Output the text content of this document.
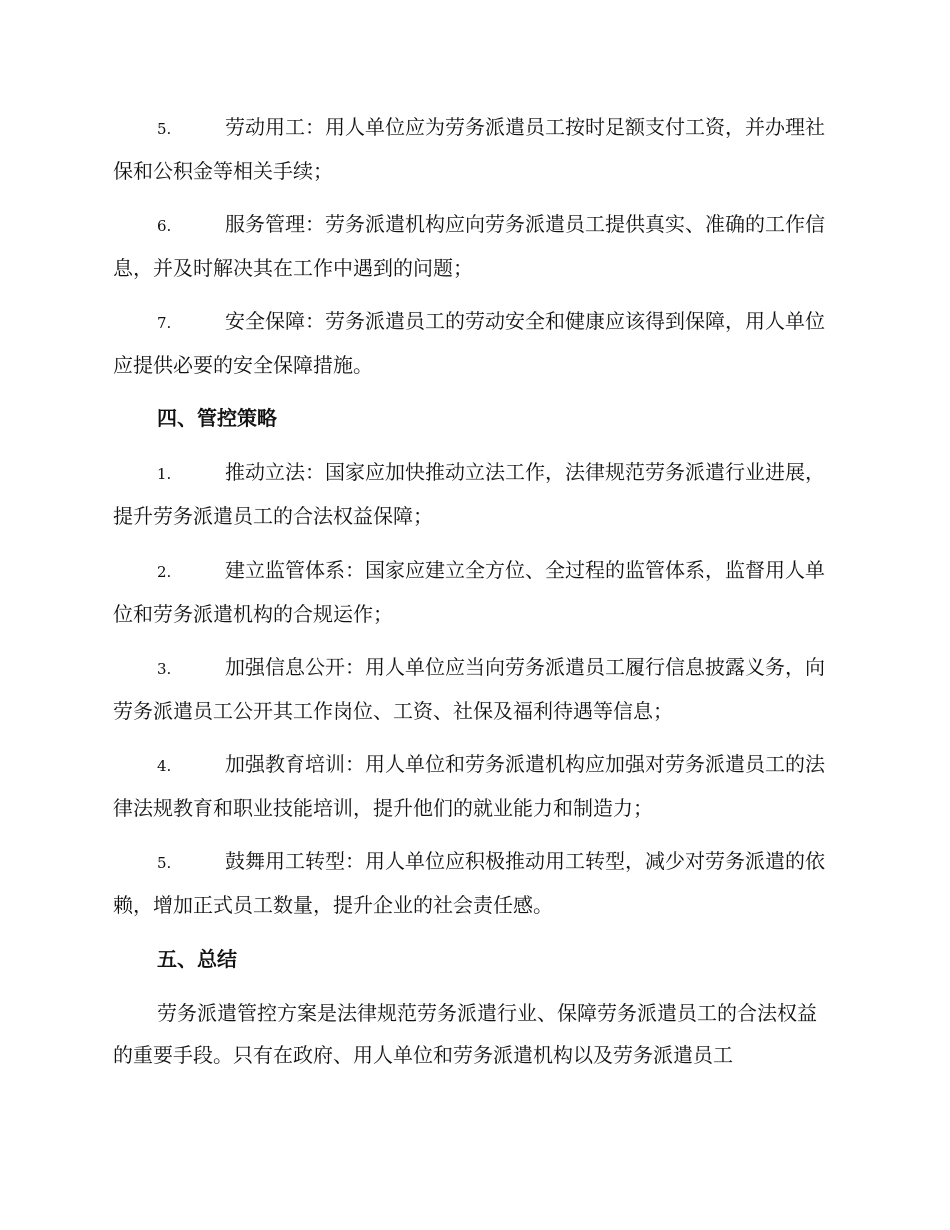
5.	劳动用工：用人单位应为劳务派遣员工按时足额支付工资，并办理社保和公积金等相关手续；
6.	服务管理：劳务派遣机构应向劳务派遣员工提供真实、准确的工作信息，并及时解决其在工作中遇到的问题；
7.	安全保障：劳务派遣员工的劳动安全和健康应该得到保障，用人单位应提供必要的安全保障措施。
四、管控策略
1.	推动立法：国家应加快推动立法工作，法律规范劳务派遣行业进展，提升劳务派遣员工的合法权益保障；
2.	建立监管体系：国家应建立全方位、全过程的监管体系，监督用人单位和劳务派遣机构的合规运作；
3.	加强信息公开：用人单位应当向劳务派遣员工履行信息披露义务，向劳务派遣员工公开其工作岗位、工资、社保及福利待遇等信息；
4.	加强教育培训：用人单位和劳务派遣机构应加强对劳务派遣员工的法律法规教育和职业技能培训，提升他们的就业能力和制造力；
5.	鼓舞用工转型：用人单位应积极推动用工转型，减少对劳务派遣的依赖，增加正式员工数量，提升企业的社会责任感。
五、总结
劳务派遣管控方案是法律规范劳务派遣行业、保障劳务派遣员工的合法权益的重要手段。只有在政府、用人单位和劳务派遣机构以及劳务派遣员工
